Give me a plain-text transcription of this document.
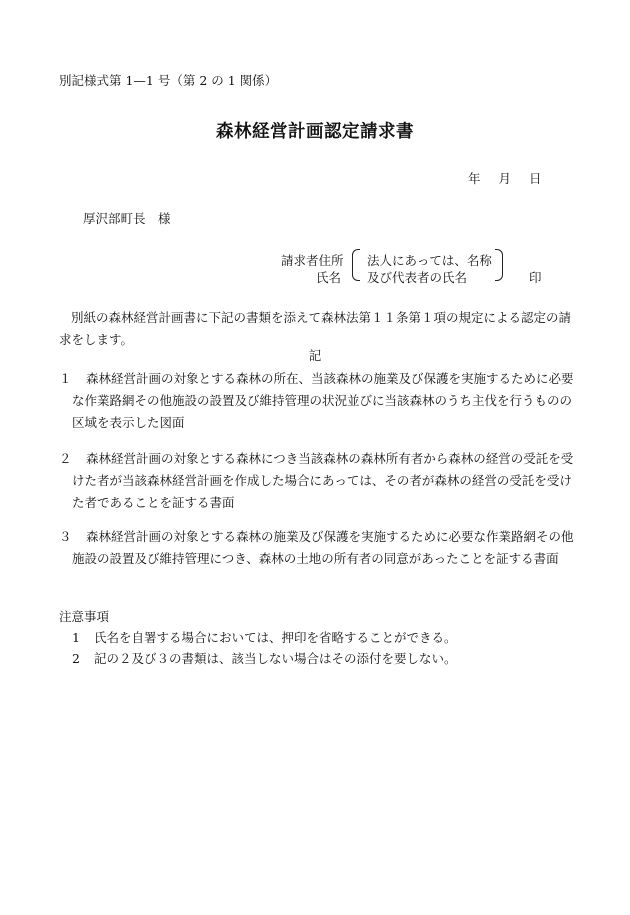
別記様式第 1—1 号（第 2 の 1 関係）
森林経営計画認定請求書
年 月 日
厚沢部町長　様
請求者住所
氏名
法人にあっては、名称
及び代表者の氏名	印
別紙の森林経営計画書に下記の書類を添えて森林法第１１条第１項の規定による認定の請求をします。
記
１	森林経営計画の対象とする森林の所在、当該森林の施業及び保護を実施するために必要な作業路網その他施設の設置及び維持管理の状況並びに当該森林のうち主伐を行うものの区域を表示した図面
２	森林経営計画の対象とする森林につき当該森林の森林所有者から森林の経営の受託を受けた者が当該森林経営計画を作成した場合にあっては、その者が森林の経営の受託を受けた者であることを証する書面
３	森林経営計画の対象とする森林の施業及び保護を実施するために必要な作業路網その他施設の設置及び維持管理につき、森林の土地の所有者の同意があったことを証する書面
注意事項
1 氏名を自署する場合においては、押印を省略することができる。
2 記の２及び３の書類は、該当しない場合はその添付を要しない。
